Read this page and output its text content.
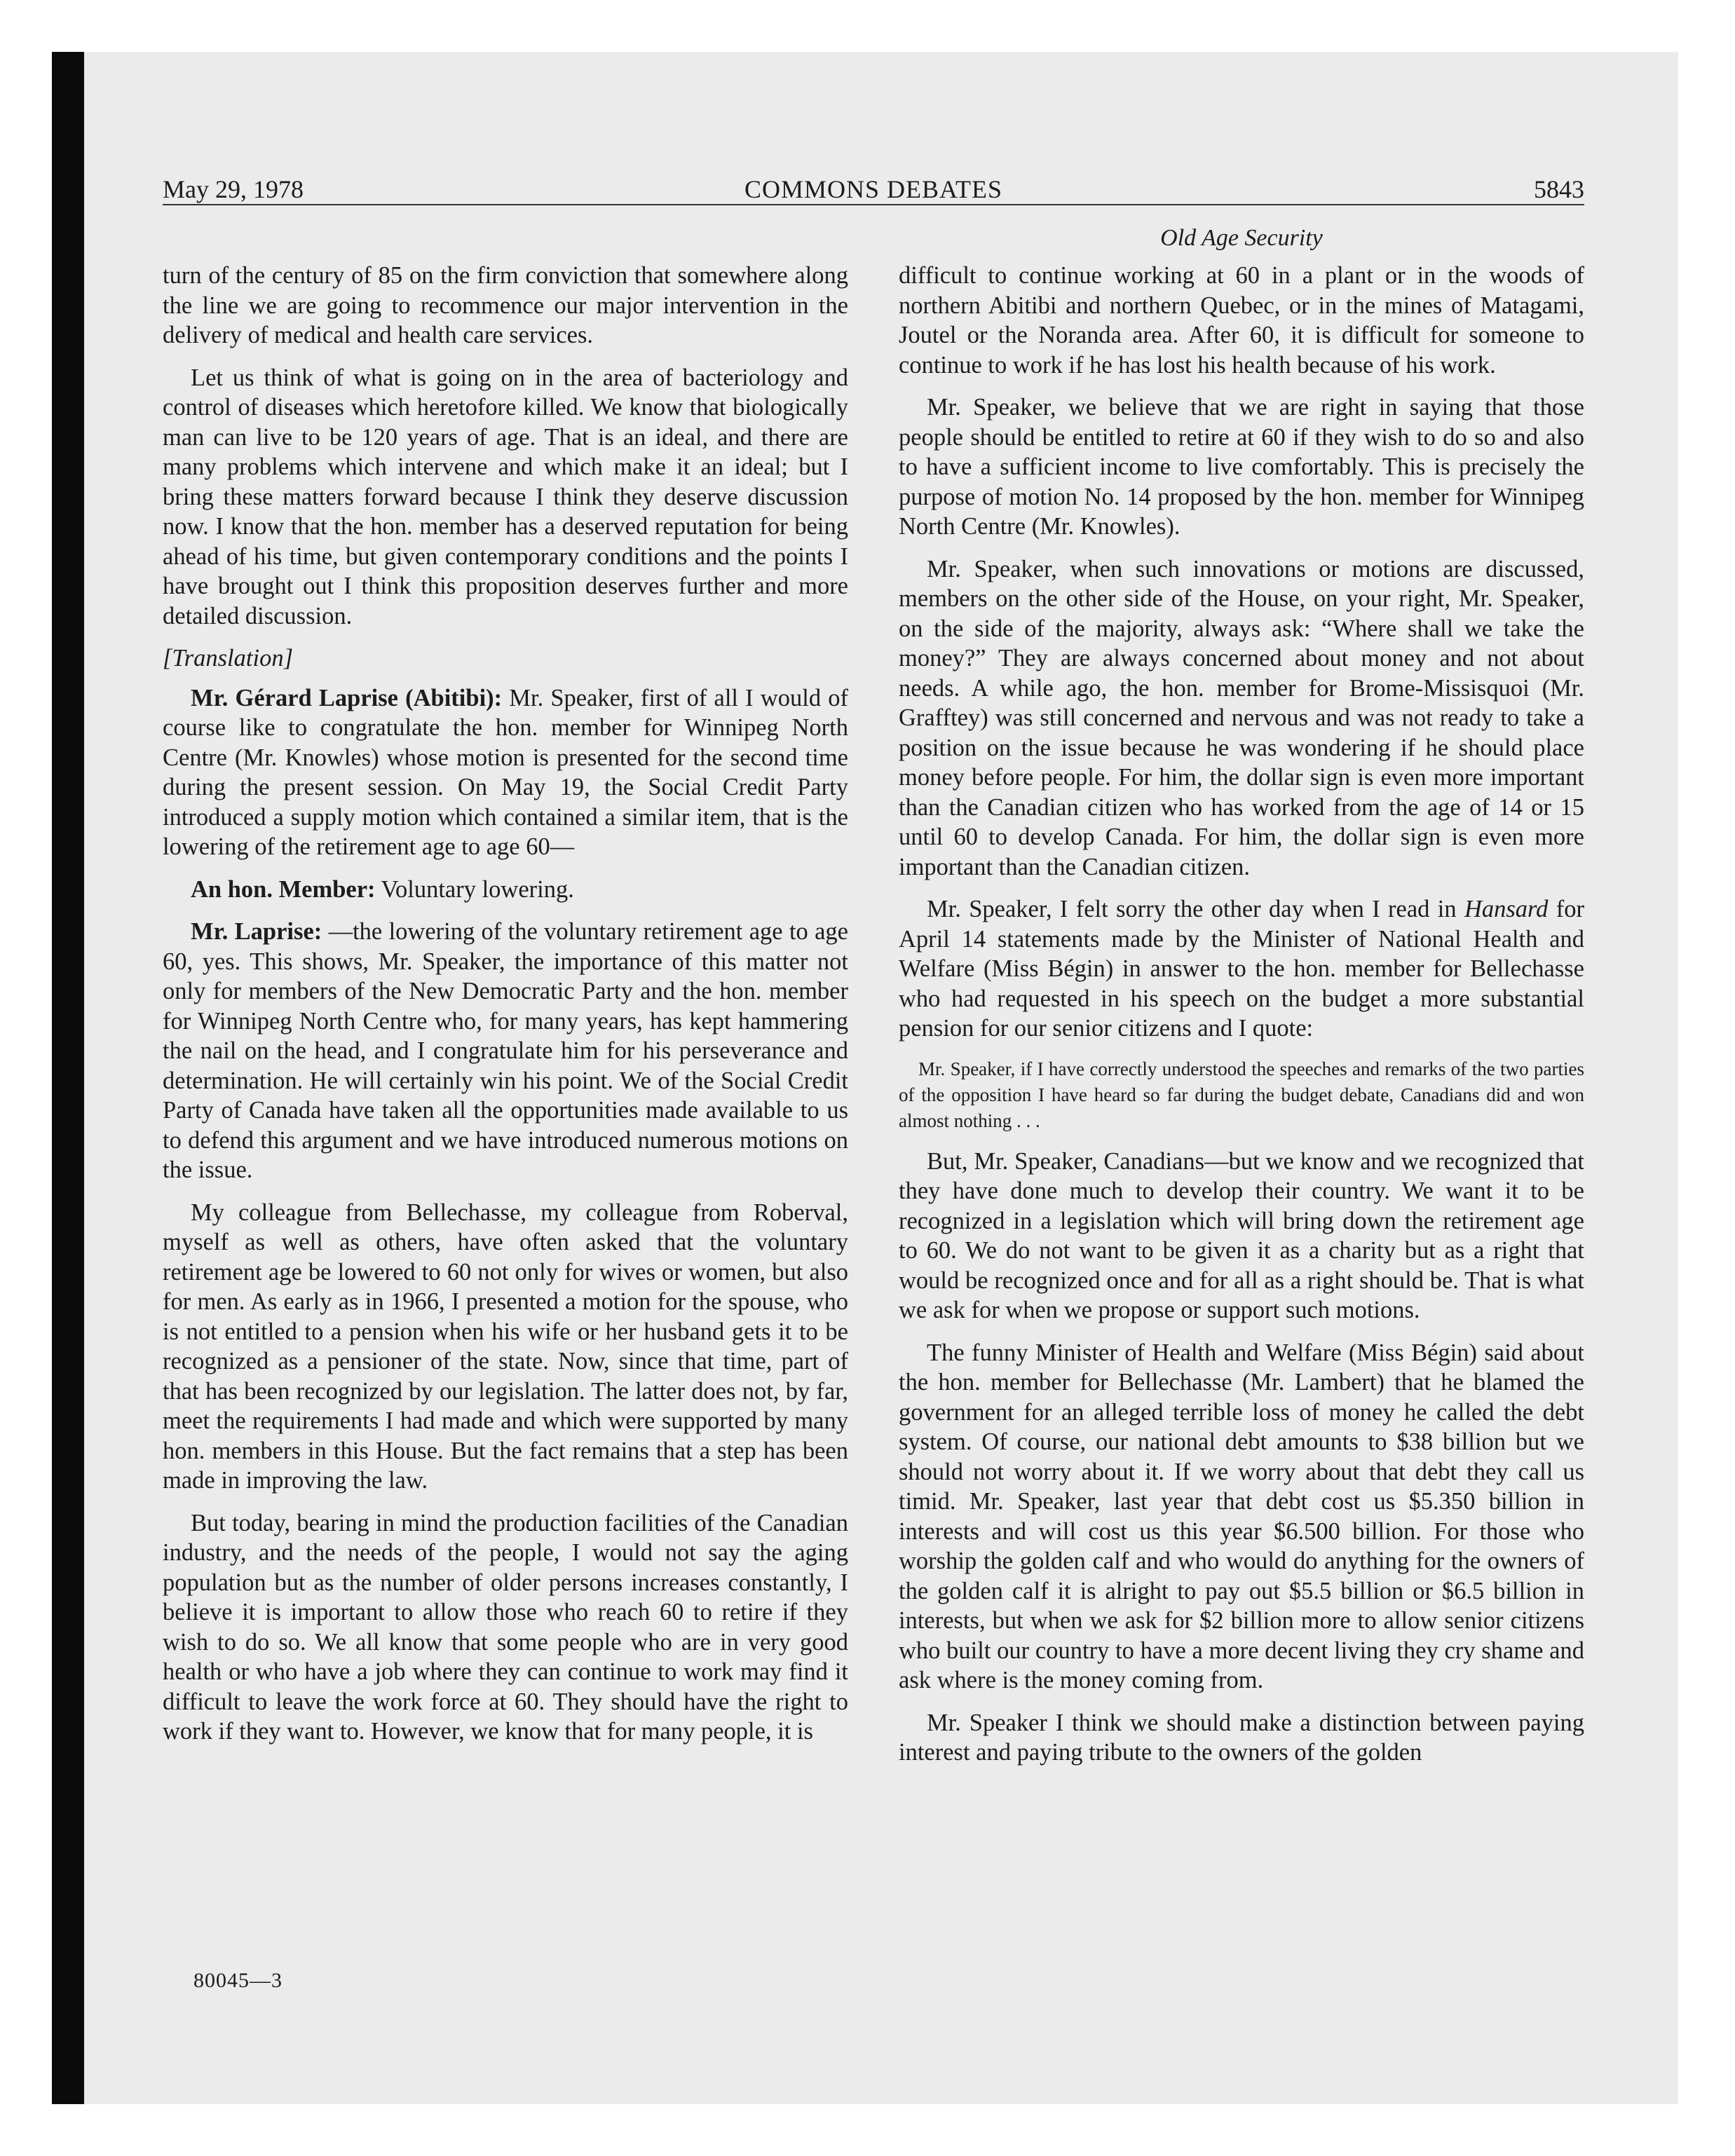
May 29, 1978	COMMONS DEBATES	5843
Old Age Security

turn of the century of 85 on the firm conviction that somewhere along the line we are going to recommence our major intervention in the delivery of medical and health care services.

Let us think of what is going on in the area of bacteriology and control of diseases which heretofore killed. We know that biologically man can live to be 120 years of age. That is an ideal, and there are many problems which intervene and which make it an ideal; but I bring these matters forward because I think they deserve discussion now. I know that the hon. member has a deserved reputation for being ahead of his time, but given contemporary conditions and the points I have brought out I think this proposition deserves further and more detailed discussion.

[Translation]

Mr. Gérard Laprise (Abitibi): Mr. Speaker, first of all I would of course like to congratulate the hon. member for Winnipeg North Centre (Mr. Knowles) whose motion is presented for the second time during the present session. On May 19, the Social Credit Party introduced a supply motion which contained a similar item, that is the lowering of the retirement age to age 60—

An hon. Member: Voluntary lowering.

Mr. Laprise: —the lowering of the voluntary retirement age to age 60, yes. This shows, Mr. Speaker, the importance of this matter not only for members of the New Democratic Party and the hon. member for Winnipeg North Centre who, for many years, has kept hammering the nail on the head, and I congratulate him for his perseverance and determination. He will certainly win his point. We of the Social Credit Party of Canada have taken all the opportunities made available to us to defend this argument and we have introduced numerous motions on the issue.

My colleague from Bellechasse, my colleague from Roberval, myself as well as others, have often asked that the voluntary retirement age be lowered to 60 not only for wives or women, but also for men. As early as in 1966, I presented a motion for the spouse, who is not entitled to a pension when his wife or her husband gets it to be recognized as a pensioner of the state. Now, since that time, part of that has been recognized by our legislation. The latter does not, by far, meet the requirements I had made and which were supported by many hon. members in this House. But the fact remains that a step has been made in improving the law.

But today, bearing in mind the production facilities of the Canadian industry, and the needs of the people, I would not say the aging population but as the number of older persons increases constantly, I believe it is important to allow those who reach 60 to retire if they wish to do so. We all know that some people who are in very good health or who have a job where they can continue to work may find it difficult to leave the work force at 60. They should have the right to work if they want to. However, we know that for many people, it is

difficult to continue working at 60 in a plant or in the woods of northern Abitibi and northern Quebec, or in the mines of Matagami, Joutel or the Noranda area. After 60, it is difficult for someone to continue to work if he has lost his health because of his work.

Mr. Speaker, we believe that we are right in saying that those people should be entitled to retire at 60 if they wish to do so and also to have a sufficient income to live comfortably. This is precisely the purpose of motion No. 14 proposed by the hon. member for Winnipeg North Centre (Mr. Knowles).

Mr. Speaker, when such innovations or motions are discussed, members on the other side of the House, on your right, Mr. Speaker, on the side of the majority, always ask: “Where shall we take the money?” They are always concerned about money and not about needs. A while ago, the hon. member for Brome-Missisquoi (Mr. Grafftey) was still concerned and nervous and was not ready to take a position on the issue because he was wondering if he should place money before people. For him, the dollar sign is even more important than the Canadian citizen who has worked from the age of 14 or 15 until 60 to develop Canada. For him, the dollar sign is even more important than the Canadian citizen.

Mr. Speaker, I felt sorry the other day when I read in Hansard for April 14 statements made by the Minister of National Health and Welfare (Miss Bégin) in answer to the hon. member for Bellechasse who had requested in his speech on the budget a more substantial pension for our senior citizens and I quote:

Mr. Speaker, if I have correctly understood the speeches and remarks of the two parties of the opposition I have heard so far during the budget debate, Canadians did and won almost nothing . . .

But, Mr. Speaker, Canadians—but we know and we recognized that they have done much to develop their country. We want it to be recognized in a legislation which will bring down the retirement age to 60. We do not want to be given it as a charity but as a right that would be recognized once and for all as a right should be. That is what we ask for when we propose or support such motions.

The funny Minister of Health and Welfare (Miss Bégin) said about the hon. member for Bellechasse (Mr. Lambert) that he blamed the government for an alleged terrible loss of money he called the debt system. Of course, our national debt amounts to $38 billion but we should not worry about it. If we worry about that debt they call us timid. Mr. Speaker, last year that debt cost us $5.350 billion in interests and will cost us this year $6.500 billion. For those who worship the golden calf and who would do anything for the owners of the golden calf it is alright to pay out $5.5 billion or $6.5 billion in interests, but when we ask for $2 billion more to allow senior citizens who built our country to have a more decent living they cry shame and ask where is the money coming from.

Mr. Speaker I think we should make a distinction between paying interest and paying tribute to the owners of the golden

80045—3
